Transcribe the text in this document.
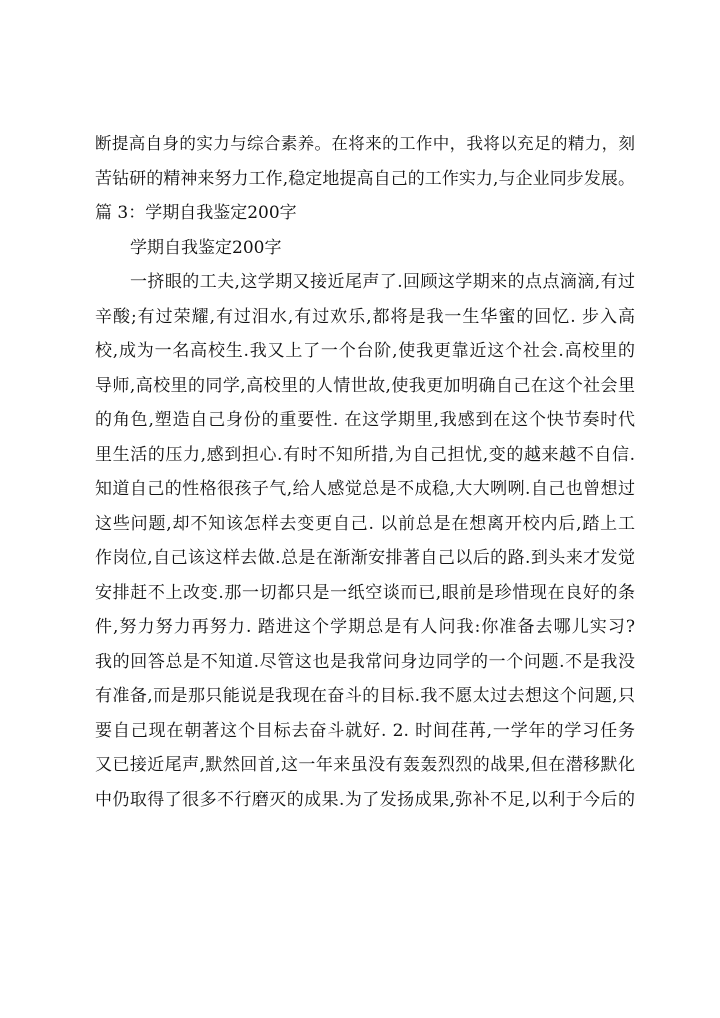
断提高自身的实力与综合素养。在将来的工作中，我将以充足的精力，刻
苦钻研的精神来努力工作,稳定地提高自己的工作实力,与企业同步发展。
篇 3：学期自我鉴定200字
学期自我鉴定200字
一挤眼的工夫,这学期又接近尾声了.回顾这学期来的点点滴滴,有过
辛酸;有过荣耀,有过泪水,有过欢乐,都将是我一生华蜜的回忆. 步入高
校,成为一名高校生.我又上了一个台阶,使我更靠近这个社会.高校里的
导师,高校里的同学,高校里的人情世故,使我更加明确自己在这个社会里
的角色,塑造自己身份的重要性. 在这学期里,我感到在这个快节奏时代
里生活的压力,感到担心.有时不知所措,为自己担忧,变的越来越不自信.
知道自己的性格很孩子气,给人感觉总是不成稳,大大咧咧.自己也曾想过
这些问题,却不知该怎样去变更自己. 以前总是在想离开校内后,踏上工
作岗位,自己该这样去做.总是在渐渐安排著自己以后的路.到头来才发觉
安排赶不上改变.那一切都只是一纸空谈而已,眼前是珍惜现在良好的条
件,努力努力再努力. 踏进这个学期总是有人问我:你准备去哪儿实习?
我的回答总是不知道.尽管这也是我常问身边同学的一个问题.不是我没
有准备,而是那只能说是我现在奋斗的目标.我不愿太过去想这个问题,只
要自己现在朝著这个目标去奋斗就好. 2. 时间荏苒,一学年的学习任务
又已接近尾声,默然回首,这一年来虽没有轰轰烈烈的战果,但在潜移默化
中仍取得了很多不行磨灭的成果.为了发扬成果,弥补不足,以利于今后的
